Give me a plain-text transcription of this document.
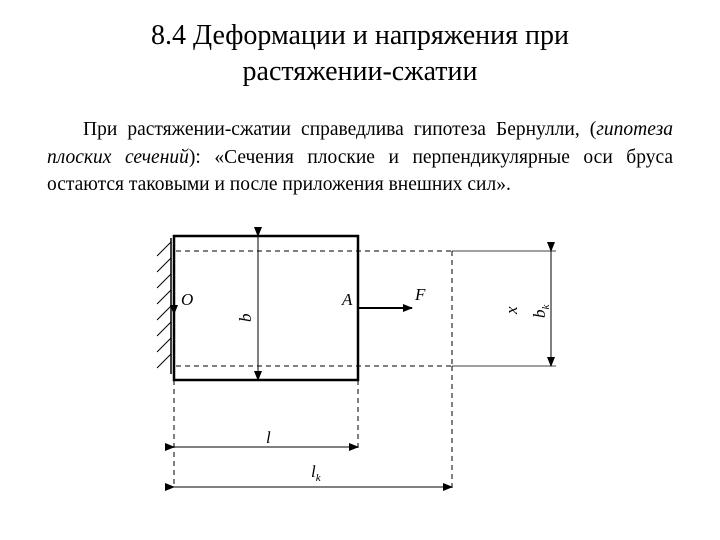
8.4 Деформации и напряжения при
растяжении-сжатии
При растяжении-сжатии справедлива гипотеза Бернулли, (гипотеза плоских сечений): «Сечения плоские и перпендикулярные оси бруса остаются таковыми и после приложения внешних сил».
O	A	F
b
x $b_k$
l
$l_k$
